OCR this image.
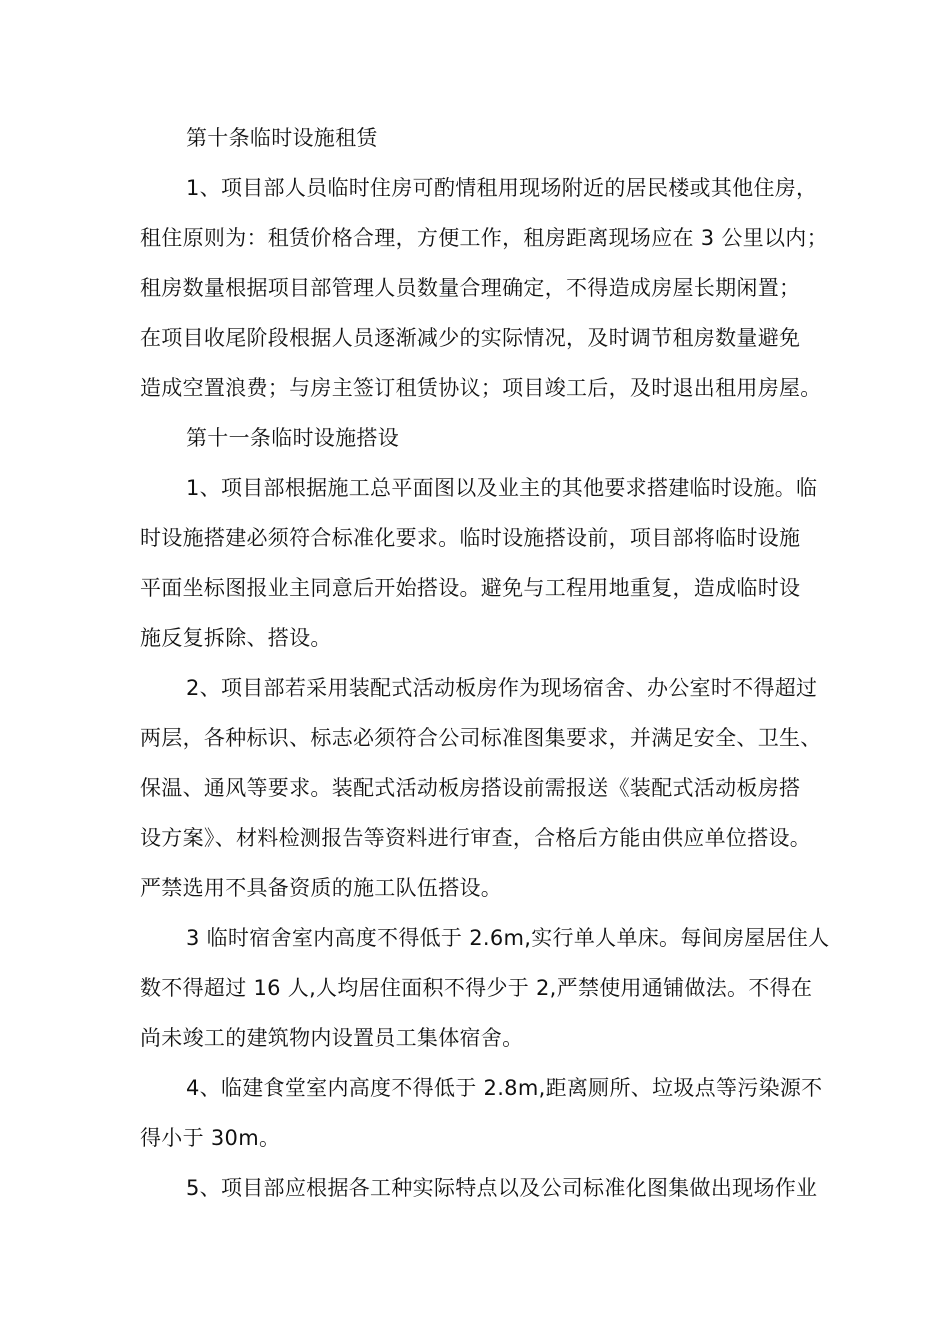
第十条临时设施租赁
1、项目部人员临时住房可酌情租用现场附近的居民楼或其他住房，
租住原则为：租赁价格合理，方便工作，租房距离现场应在 3 公里以内；
租房数量根据项目部管理人员数量合理确定，不得造成房屋长期闲置；
在项目收尾阶段根据人员逐渐减少的实际情况，及时调节租房数量避免
造成空置浪费；与房主签订租赁协议；项目竣工后，及时退出租用房屋。
第十一条临时设施搭设
1、项目部根据施工总平面图以及业主的其他要求搭建临时设施。临
时设施搭建必须符合标准化要求。临时设施搭设前，项目部将临时设施
平面坐标图报业主同意后开始搭设。避免与工程用地重复，造成临时设
施反复拆除、搭设。
2、项目部若采用装配式活动板房作为现场宿舍、办公室时不得超过
两层，各种标识、标志必须符合公司标准图集要求，并满足安全、卫生、
保温、通风等要求。装配式活动板房搭设前需报送《装配式活动板房搭
设方案》、材料检测报告等资料进行审查，合格后方能由供应单位搭设。
严禁选用不具备资质的施工队伍搭设。
3 临时宿舍室内高度不得低于 2.6m,实行单人单床。每间房屋居住人
数不得超过 16 人,人均居住面积不得少于 2,严禁使用通铺做法。不得在
尚未竣工的建筑物内设置员工集体宿舍。
4、临建食堂室内高度不得低于 2.8m,距离厕所、垃圾点等污染源不
得小于 30m。
5、项目部应根据各工种实际特点以及公司标准化图集做出现场作业
